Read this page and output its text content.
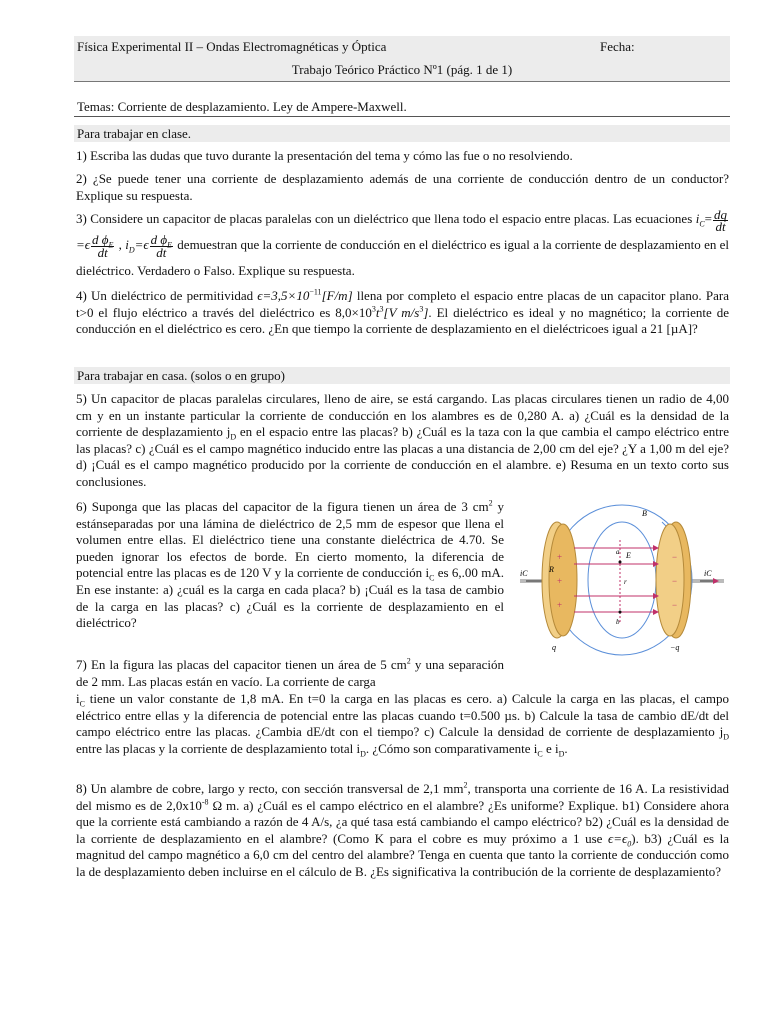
Física Experimental II – Ondas Electromagnéticas y Óptica	Fecha:
Trabajo Teórico Práctico Nº1 (pág. 1 de 1)
Temas: Corriente de desplazamiento. Ley de Ampere-Maxwell.
Para trabajar en clase.

1) Escriba las dudas que tuvo durante la presentación del tema y cómo las fue o no resolviendo.

2) ¿Se puede tener una corriente de desplazamiento además de una corriente de conducción dentro de un conductor? Explique su respuesta.

3) Considere un capacitor de placas paralelas con un dieléctrico que llena todo el espacio entre placas. Las ecuaciones $i_C= \frac{dq}{dt}$
$=\epsilon \frac{d \phi_E}{dt}$ , $i_D=\epsilon \frac{d \phi_E}{dt}$ demuestran que la corriente de conducción en el dieléctrico es igual a la corriente de desplazamiento en el dieléctrico. Verdadero o Falso. Explique su respuesta.

4) Un dieléctrico de permitividad $\epsilon=3,5\times 10^{-11}[F/m]$ llena por completo el espacio entre placas de un capacitor plano. Para t>0 el flujo eléctrico a través del dieléctrico es $8,0\times 10^3t^3[V$ $m/s^3$]. El dieléctrico es ideal y no magnético; la corriente de conducción en el dieléctrico es cero. ¿En que tiempo la corriente de desplazamiento en el dieléctricoes igual a 21 [µA]?

Para trabajar en casa. (solos o en grupo)

5) Un capacitor de placas paralelas circulares, lleno de aire, se está cargando. Las placas circulares tienen un radio de 4,00 cm y en un instante particular la corriente de conducción en los alambres es de 0,280 A. a) ¿Cuál es la densidad de la corriente de desplazamiento $j_D$ en el espacio entre las placas? b) ¿Cuál es la taza con la que cambia el campo eléctrico entre las placas? c) ¿Cuál es el campo magnético inducido entre las placas a una distancia de 2,00 cm del eje? ¿Y a 1,00 m del eje? d) ¡Cuál es el campo magnético producido por la corriente de conducción en el alambre. e) Resuma en un texto corto sus conclusiones.

6) Suponga que las placas del capacitor de la figura tienen un área de 3 $cm^2$ y estánseparadas por una lámina de dieléctrico de 2,5 mm de espesor que llena el volumen entre ellas. El dieléctrico tiene una constante dieléctrica de 4.70. Se pueden ignorar los efectos de borde. En cierto momento, la diferencia de potencial entre las placas es de 120 V y la corriente de conducción $i_C$ es 6,.00 mA. En ese instante: a) ¿cuál es la carga en cada placa? b) ¡Cuál es la tasa de cambio de la carga en las placas? c) ¿Cuál es la corriente de desplazamiento en el dieléctrico?

7) En la figura las placas del capacitor tienen un área de 5 $cm^2$ y una separación de 2 mm. Las placas están en vacío. La corriente de carga

$i_C$ tiene un valor constante de 1,8 mA. En t=0 la carga en las placas es cero. a) Calcule la carga en las placas, el campo eléctrico entre ellas y la diferencia de potencial entre las placas cuando t=0.500 µs. b) Calcule la tasa de cambio dE/dt del campo eléctrico entre las placas. ¿Cambia dE/dt con el tiempo? c) Calcule la densidad de corriente de desplazamiento $j_D$ entre las placas y la corriente de desplazamiento total $i_D$. ¿Cómo son comparativamente $i_C$ e $i_D$.

8) Un alambre de cobre, largo y recto, con sección transversal de 2,1 $mm^2$, transporta una corriente de 16 A. La resistividad del mismo es de $2,0x10^{-8}$ Ω m. a) ¿Cuál es el campo eléctrico en el alambre? ¿Es uniforme? Explique. b1) Considere ahora que la corriente está cambiando a razón de 4 A/s, ¿a qué tasa está cambiando el campo eléctrico? b2) ¿Cuál es la densidad de la corriente de desplazamiento en el alambre? (Como K para el cobre es muy próximo a 1 use $\epsilon=\epsilon_0$). b3) ¿Cuál es la magnitud del campo magnético a 6,0 cm del centro del alambre? Tenga en cuenta que tanto la corriente de conducción como la de desplazamiento deben incluirse en el cálculo de B. ¿Es significativa la contribución de la corriente de desplazamiento?

+
+
+
−
−
−
B
E
R
a
b
r
iC	iC
q	−q
